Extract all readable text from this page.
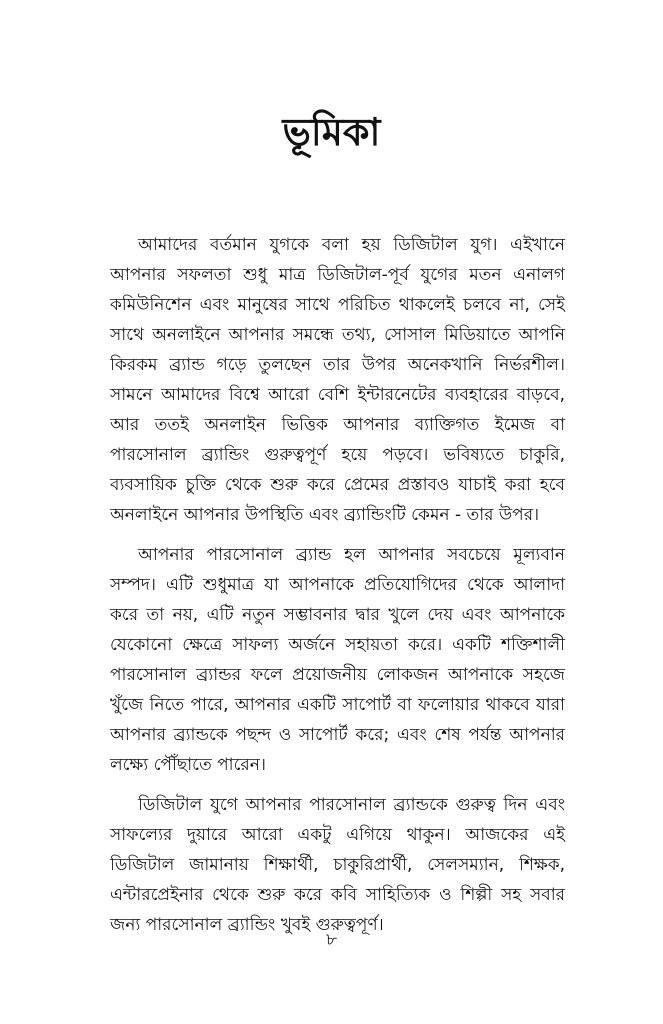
ভূমিকা

আমাদের বর্তমান যুগকে বলা হয় ডিজিটাল যুগ। এইখানে আপনার সফলতা শুধু মাত্র ডিজিটাল-পূর্ব যুগের মতন এনালগ কমিউনিশেন এবং মানুষের সাথে পরিচিত থাকলেই চলবে না, সেই সাথে অনলাইনে আপনার সমন্ধে তথ্য, সোসাল মিডিয়াতে আপনি কিরকম ব্র্যান্ড গড়ে তুলছেন তার উপর অনেকখানি নির্ভরশীল। সামনে আমাদের বিশ্বে আরো বেশি ইন্টারনেটের ব্যবহারের বাড়বে, আর ততই অনলাইন ভিত্তিক আপনার ব্যাক্তিগত ইমেজ বা পারসোনাল ব্র্যান্ডিং গুরুত্বপূর্ণ হয়ে পড়বে। ভবিষ্যতে চাকুরি, ব্যবসায়িক চুক্তি থেকে শুরু করে প্রেমের প্রস্তাবও যাচাই করা হবে অনলাইনে আপনার উপস্থিতি এবং ব্র্যান্ডিংটি কেমন - তার উপর।

আপনার পারসোনাল ব্র্যান্ড হল আপনার সবচেয়ে মূল্যবান সম্পদ। এটি শুধুমাত্র যা আপনাকে প্রতিযোগিদের থেকে আলাদা করে তা নয়, এটি নতুন সম্ভাবনার দ্বার খুলে দেয় এবং আপনাকে যেকোনো ক্ষেত্রে সাফল্য অর্জনে সহায়তা করে। একটি শক্তিশালী পারসোনাল ব্র্যান্ডর ফলে প্রয়োজনীয় লোকজন আপনাকে সহজে খুঁজে নিতে পারে, আপনার একটি সাপোর্ট বা ফলোয়ার থাকবে যারা আপনার ব্র্যান্ডকে পছন্দ ও সাপোর্ট করে; এবং শেষ পর্যন্ত আপনার লক্ষ্যে পৌঁছাতে পারেন।

ডিজিটাল যুগে আপনার পারসোনাল ব্র্যান্ডকে গুরুত্ব দিন এবং সাফল্যের দুয়ারে আরো একটু এগিয়ে থাকুন। আজকের এই ডিজিটাল জামানায় শিক্ষার্থী, চাকুরিপ্রার্থী, সেলসম্যান, শিক্ষক, এন্টারপ্রেইনার থেকে শুরু করে কবি সাহিত্যিক ও শিল্পী সহ সবার জন্য পারসোনাল ব্র্যান্ডিং খুবই গুরুত্বপূর্ণ।

৮
